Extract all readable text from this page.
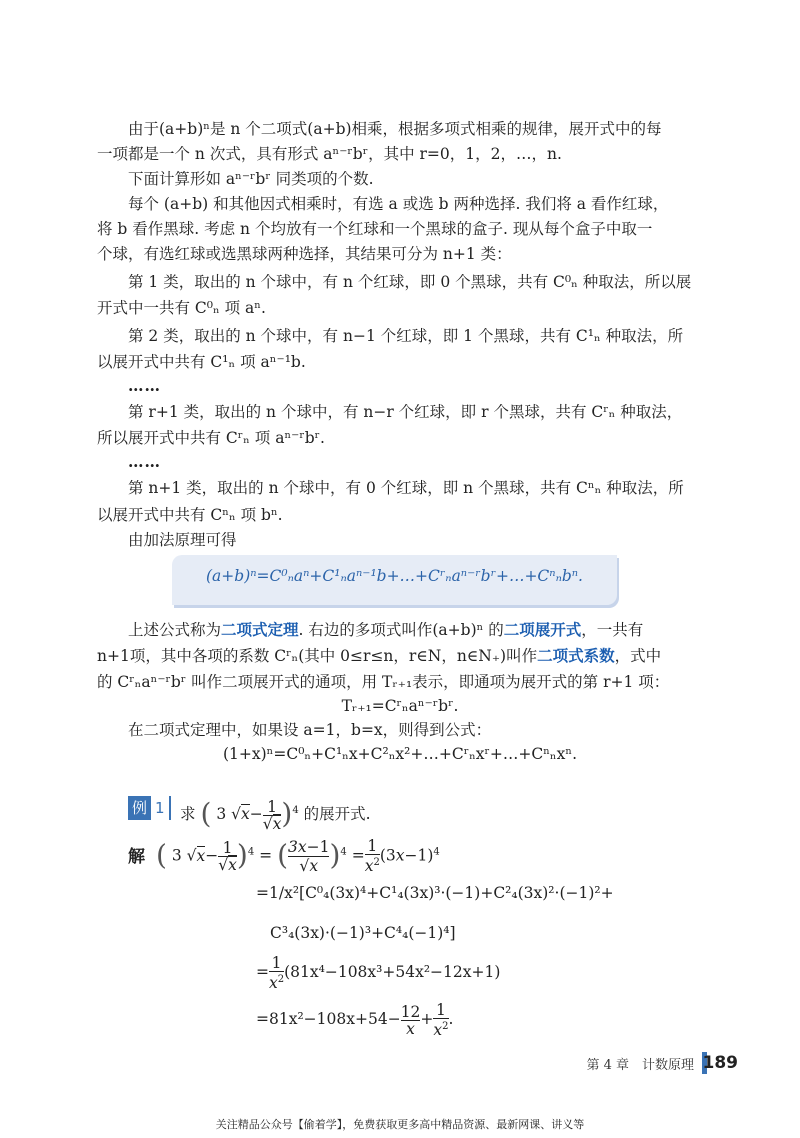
由于(a+b)ⁿ是 n 个二项式(a+b)相乘，根据多项式相乘的规律，展开式中的每
一项都是一个 n 次式，具有形式 aⁿ⁻ʳbʳ，其中 r=0，1，2，…，n.
下面计算形如 aⁿ⁻ʳbʳ 同类项的个数.
每个 (a+b) 和其他因式相乘时，有选 a 或选 b 两种选择. 我们将 a 看作红球，
将 b 看作黑球. 考虑 n 个均放有一个红球和一个黑球的盒子. 现从每个盒子中取一
个球，有选红球或选黑球两种选择，其结果可分为 n+1 类：
第 1 类，取出的 n 个球中，有 n 个红球，即 0 个黑球，共有 C⁰ₙ 种取法，所以展
开式中一共有 C⁰ₙ 项 aⁿ.
第 2 类，取出的 n 个球中，有 n−1 个红球，即 1 个黑球，共有 C¹ₙ 种取法，所
以展开式中共有 C¹ₙ 项 aⁿ⁻¹b.
……
第 r+1 类，取出的 n 个球中，有 n−r 个红球，即 r 个黑球，共有 Cʳₙ 种取法，
所以展开式中共有 Cʳₙ 项 aⁿ⁻ʳbʳ.
……
第 n+1 类，取出的 n 个球中，有 0 个红球，即 n 个黑球，共有 Cⁿₙ 种取法，所
以展开式中共有 Cⁿₙ 项 bⁿ.
由加法原理可得
(a+b)ⁿ=C⁰ₙaⁿ+C¹ₙaⁿ⁻¹b+…+Cʳₙaⁿ⁻ʳbʳ+…+Cⁿₙbⁿ.
上述公式称为二项式定理. 右边的多项式叫作(a+b)ⁿ 的二项展开式，一共有
n+1项，其中各项的系数 Cʳₙ(其中 0≤r≤n，r∈N，n∈N₊)叫作二项式系数，式中
的 Cʳₙaⁿ⁻ʳbʳ 叫作二项展开式的通项，用 Tᵣ₊₁表示，即通项为展开式的第 r+1 项：
Tᵣ₊₁=Cʳₙaⁿ⁻ʳbʳ.
在二项式定理中，如果设 a=1，b=x，则得到公式：
(1+x)ⁿ=C⁰ₙ+C¹ₙx+C²ₙx²+…+Cʳₙxʳ+…+Cⁿₙxⁿ.
例 1 求 ( 3 $√x- \frac{1}{√x} )^4$ 的展开式.
解 ( 3 $√x- \frac{1}{√x} )^4$ = ( $\frac{3x-1}{√x} )^4 = \frac{1}{x^2} (3x-1)^4$
=1/x²[C⁰₄(3x)⁴+C¹₄(3x)³·(−1)+C²₄(3x)²·(−1)²+
C³₄(3x)·(−1)³+C⁴₄(−1)⁴]
= $\frac{1}{x^2} (81x^4-108x^3+54x^2-12x+1)$
$=81x^2-108x+54- \frac{12}{x} + \frac{1}{x^2}$ .
第 4 章　计数原理 189
关注精品公众号【偷着学】，免费获取更多高中精品资源、最新网课、讲义等
